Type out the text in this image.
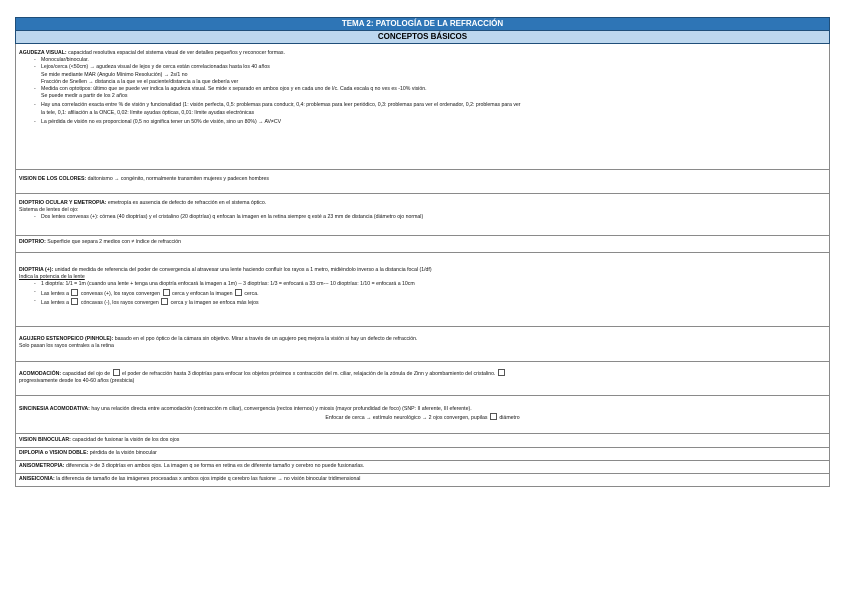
TEMA 2: PATOLOGÍA DE LA REFRACCIÓN
CONCEPTOS BÁSICOS
AGUDEZA VISUAL: capacidad resolutiva espacial del sistema visual de ver detalles pequeños y reconocer formas.
- Monocular/binocular.
- Lejos/cerca (<50cm) → agudeza visual de lejos y de cerca están correlacionadas hasta los 40 años
Se mide mediante MAR (Ángulo Mínimo Resolución) → 2s/1 no
Fracción de Snellen → distancia a la que ve el paciente/distancia a la que debería ver
- Medida con optotipos: último que se puede ver indica la agudeza visual. Se mide x separado en ambos ojos y en cada uno de l/c. Cada escala q no ves es -10% visión.
Se puede medir a partir de los 2 años
- Hay una correlación exacta entre % de visión y funcionalidad (1: visión perfecta, 0,5: problemas para conducir, 0,4: problemas para leer periódico, 0,3: problemas para ver el ordenador, 0,2: problemas para ver
la tele, 0,1: afiliación a la ONCE, 0,02: límite ayudas ópticas, 0,01: límite ayudas electrónicas
- La pérdida de visión no es proporcional (0,5 no significa tener un 50% de visión, sino un 80%) → AV≠CV
VISIÓN DE LOS COLORES: daltonismo → congénito, normalmente transmiten mujeres y padecen hombres
DIOPTRIO OCULAR Y EMETROPÍA: emetropía es ausencia de defecto de refracción en el sistema óptico.
Sistema de lentes del ojo:
- Dos lentes convexas (+): córnea (40 dioptrías) y el cristalino (20 dioptrías) q enfocan la imagen en la retina siempre q esté a 23 mm de distancia (diámetro ojo normal)
DIOPTRIO: Superficie que separa 2 medios con ≠ índice de refracción
DIOPTRÍA (+): unidad de medida de referencia del poder de convergencia al atravesar una lente haciendo confluir los rayos a 1 metro, midiéndolo inverso a la distancia focal (1/df)
Indica la potencia de la lente
- 1 dioptría: 1/1 = 1m (cuando una lente + tenga una dioptría enfocará la imagen a 1m) -- 3 dioptrías: 1/3 = enfocará a 33 cm--- 10 dioptrías: 1/10 = enfocará a 10cm
- Las lentes a convexas (+), los rayos convergen cerca y enfocan la imagen cerca.
- Las lentes a cóncavas (-), los rayos convergen cerca y la imagen se enfoca más lejos
AGUJERO ESTENOPÉICO (PINHOLE): basado en el ppo óptico de la cámara sin objetivo. Mirar a través de un agujero peq mejora la visión si hay un defecto de refracción.
Solo pasan los rayos centrales a la retina
ACOMODACIÓN: capacidad del ojo de el poder de refracción hasta 3 dioptrías para enfocar los objetos próximos x contracción del m. ciliar, relajación de la zónula de Zinn y abombamiento del cristalino.
progresivamente desde los 40-60 años (presbicia)
SINCINESIA ACOMODATIVA: hay una relación directa entre acomodación (contracción m ciliar), convergencia (rectos internos) y miosis (mayor profundidad de foco) (SNP: II aferente, III eferente).
Enfocar de cerca → estímulo neurológico → 2 ojos convergen, pupilas diámetro
VISIÓN BINOCULAR: capacidad de fusionar la visión de los dos ojos
DIPLOPÍA o VISIÓN DOBLE: pérdida de la visión binocular
ANISOMETROPÍA: diferencia > de 3 dioptrías en ambos ojos. La imagen q se forma en retina es de diferente tamaño y cerebro no puede fusionarlas.
ANISEICONIA: la diferencia de tamaño de las imágenes procesadas x ambos ojos impide q cerebro las fusione → no visión binocular tridimensional
